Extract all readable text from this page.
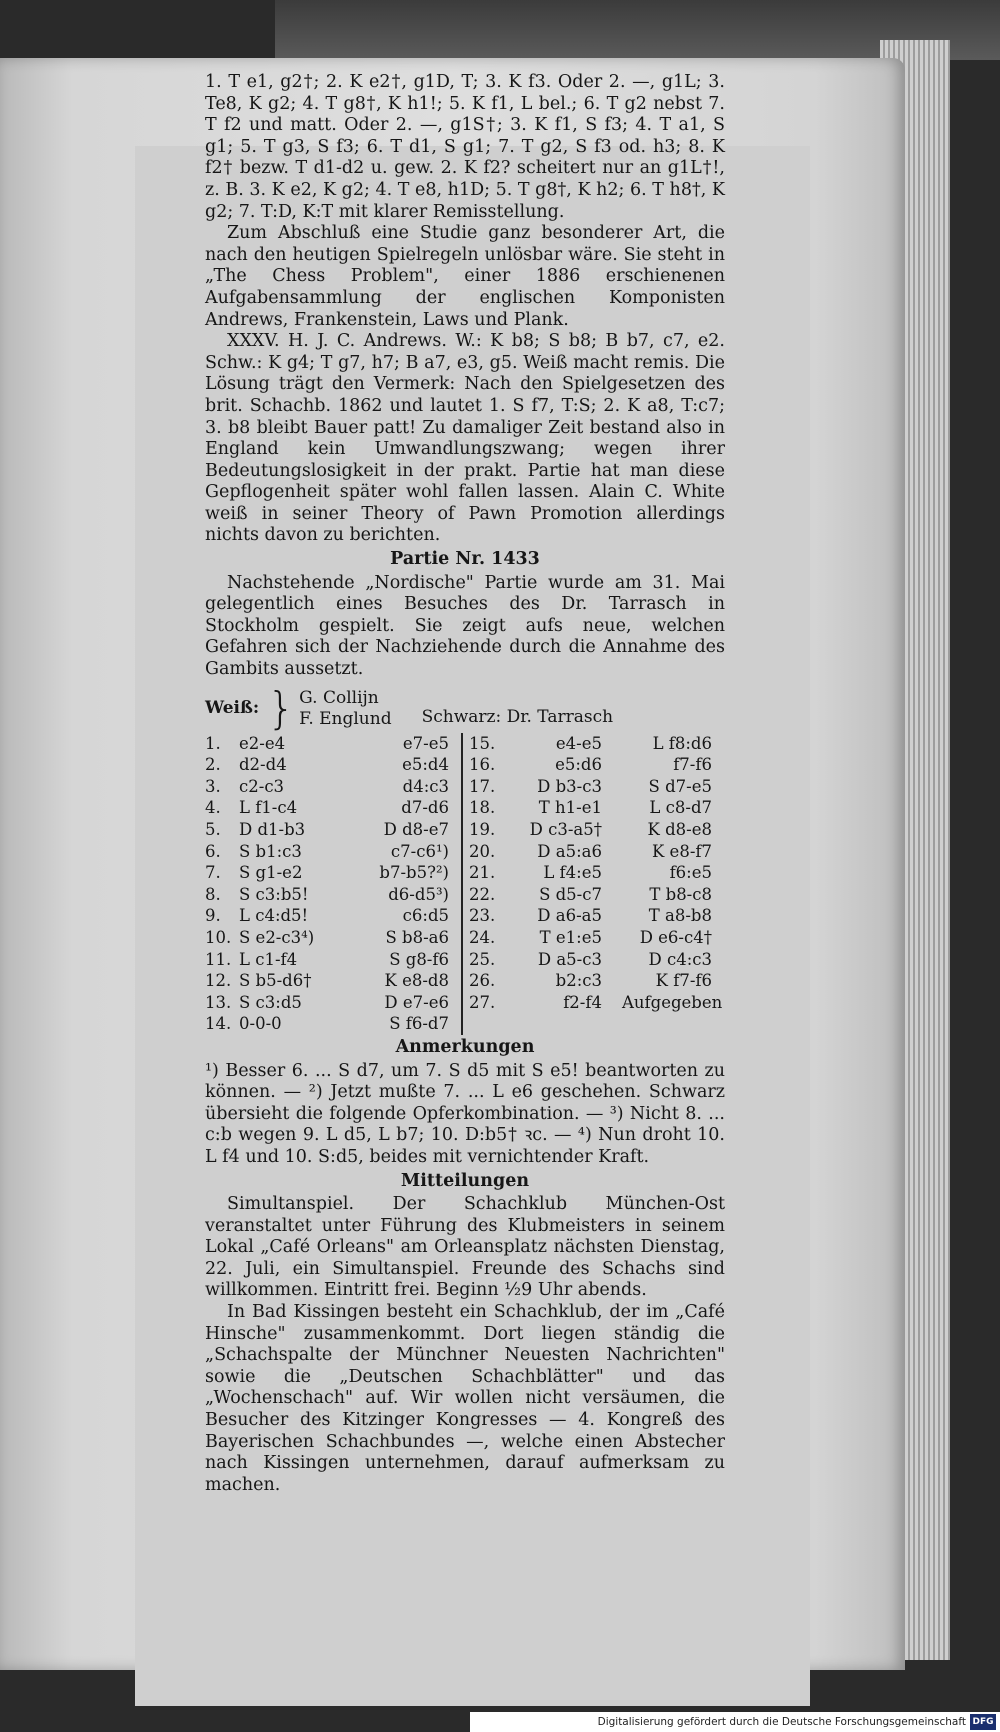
1. T e1, g2†; 2. K e2†, g1D, T; 3. K f3. Oder 2. —, g1L; 3. Te8, K g2; 4. T g8†, K h1!; 5. K f1, L bel.; 6. T g2 nebst 7. T f2 und matt. Oder 2. —, g1S†; 3. K f1, S f3; 4. T a1, S g1; 5. T g3, S f3; 6. T d1, S g1; 7. T g2, S f3 od. h3; 8. K f2† bezw. T d1-d2 u. gew. 2. K f2? scheitert nur an g1L†!, z. B. 3. K e2, K g2; 4. T e8, h1D; 5. T g8†, K h2; 6. T h8†, K g2; 7. T:D, K:T mit klarer Remisstellung.

Zum Abschluß eine Studie ganz besonderer Art, die nach den heutigen Spielregeln unlösbar wäre. Sie steht in „The Chess Problem", einer 1886 erschienenen Aufgabensammlung der englischen Komponisten Andrews, Frankenstein, Laws und Plank.

XXXV. H. J. C. Andrews. W.: K b8; S b8; B b7, c7, e2. Schw.: K g4; T g7, h7; B a7, e3, g5. Weiß macht remis. Die Lösung trägt den Vermerk: Nach den Spielgesetzen des brit. Schachb. 1862 und lautet 1. S f7, T:S; 2. K a8, T:c7; 3. b8 bleibt Bauer patt! Zu damaliger Zeit bestand also in England kein Umwandlungszwang; wegen ihrer Bedeutungslosigkeit in der prakt. Partie hat man diese Gepflogenheit später wohl fallen lassen. Alain C. White weiß in seiner Theory of Pawn Promotion allerdings nichts davon zu berichten.

Partie Nr. 1433

Nachstehende „Nordische" Partie wurde am 31. Mai gelegentlich eines Besuches des Dr. Tarrasch in Stockholm gespielt. Sie zeigt aufs neue, welchen Gefahren sich der Nachziehende durch die Annahme des Gambits aussetzt.

Weiß: } G. Collijn
F. Englund Schwarz: Dr. Tarrasch
1.	e2-e4	e7-e5
2.	d2-d4	e5:d4
3.	c2-c3	d4:c3
4.	L f1-c4	d7-d6
5.	D d1-b3	D d8-e7
6.	S b1:c3	c7-c6¹)
7.	S g1-e2	b7-b5?²)
8.	S c3:b5!	d6-d5³)
9.	L c4:d5!	c6:d5
10. S e2-c3⁴)	S b8-a6
11. L c1-f4	S g8-f6
12. S b5-d6†	K e8-d8
13. S c3:d5	D e7-e6
14. 0-0-0	S f6-d7
15.	e4-e5	L f8:d6
16.	e5:d6	f7-f6
17.	D b3-c3	S d7-e5
18.	T h1-e1	L c8-d7
19.	D c3-a5†	K d8-e8
20.	D a5:a6	K e8-f7
21.	L f4:e5	f6:e5
22.	S d5-c7	T b8-c8
23.	D a6-a5	T a8-b8
24.	T e1:e5	D e6-c4†
25.	D a5-c3	D c4:c3
26.	b2:c3	K f7-f6
27.	f2-f4	Aufgegeben

Anmerkungen

¹) Besser 6. ... S d7, um 7. S d5 mit S e5! beantworten zu können. — ²) Jetzt mußte 7. ... L e6 geschehen. Schwarz übersieht die folgende Opferkombination. — ³) Nicht 8. ... c:b wegen 9. L d5, L b7; 10. D:b5† ꝛc. — ⁴) Nun droht 10. L f4 und 10. S:d5, beides mit vernichtender Kraft.

Mitteilungen

Simultanspiel. Der Schachklub München-Ost veranstaltet unter Führung des Klubmeisters in seinem Lokal „Café Orleans" am Orleansplatz nächsten Dienstag, 22. Juli, ein Simultanspiel. Freunde des Schachs sind willkommen. Eintritt frei. Beginn ½9 Uhr abends.

In Bad Kissingen besteht ein Schachklub, der im „Café Hinsche" zusammenkommt. Dort liegen ständig die „Schachspalte der Münchner Neuesten Nachrichten" sowie die „Deutschen Schachblätter" und das „Wochenschach" auf. Wir wollen nicht versäumen, die Besucher des Kitzinger Kongresses — 4. Kongreß des Bayerischen Schachbundes —, welche einen Abstecher nach Kissingen unternehmen, darauf aufmerksam zu machen.

Digitalisierung gefördert durch die Deutsche Forschungsgemeinschaft DFG
